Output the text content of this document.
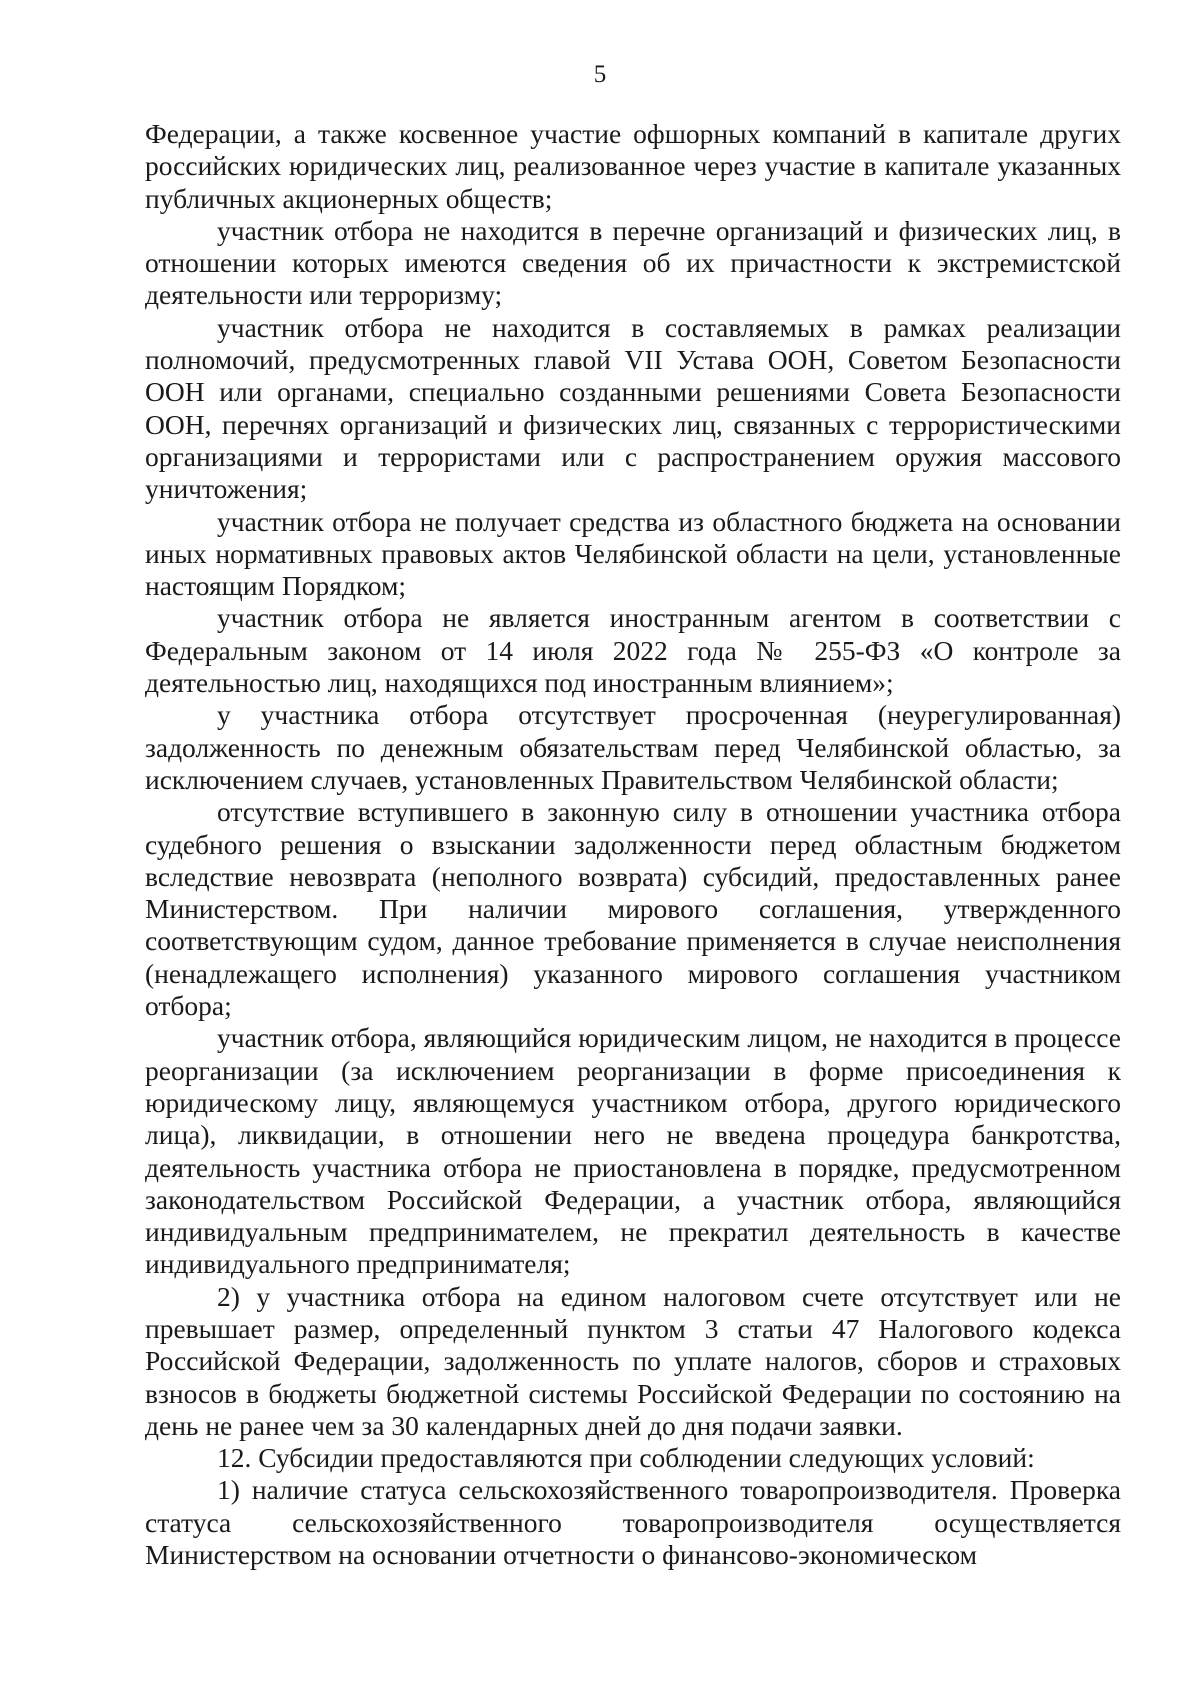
5

Федерации, а также косвенное участие офшорных компаний в капитале других российских юридических лиц, реализованное через участие в капитале указанных публичных акционерных обществ;

участник отбора не находится в перечне организаций и физических лиц, в отношении которых имеются сведения об их причастности к экстремистской деятельности или терроризму;

участник отбора не находится в составляемых в рамках реализации полномочий, предусмотренных главой VII Устава ООН, Советом Безопасности ООН или органами, специально созданными решениями Совета Безопасности ООН, перечнях организаций и физических лиц, связанных с террористическими организациями и террористами или с распространением оружия массового уничтожения;

участник отбора не получает средства из областного бюджета на основании иных нормативных правовых актов Челябинской области на цели, установленные настоящим Порядком;

участник отбора не является иностранным агентом в соответствии с Федеральным законом от 14 июля 2022 года № 255-ФЗ «О контроле за деятельностью лиц, находящихся под иностранным влиянием»;

у участника отбора отсутствует просроченная (неурегулированная) задолженность по денежным обязательствам перед Челябинской областью, за исключением случаев, установленных Правительством Челябинской области;

отсутствие вступившего в законную силу в отношении участника отбора судебного решения о взыскании задолженности перед областным бюджетом вследствие невозврата (неполного возврата) субсидий, предоставленных ранее Министерством. При наличии мирового соглашения, утвержденного соответствующим судом, данное требование применяется в случае неисполнения (ненадлежащего исполнения) указанного мирового соглашения участником отбора;

участник отбора, являющийся юридическим лицом, не находится в процессе реорганизации (за исключением реорганизации в форме присоединения к юридическому лицу, являющемуся участником отбора, другого юридического лица), ликвидации, в отношении него не введена процедура банкротства, деятельность участника отбора не приостановлена в порядке, предусмотренном законодательством Российской Федерации, а участник отбора, являющийся индивидуальным предпринимателем, не прекратил деятельность в качестве индивидуального предпринимателя;

2) у участника отбора на едином налоговом счете отсутствует или не превышает размер, определенный пунктом 3 статьи 47 Налогового кодекса Российской Федерации, задолженность по уплате налогов, сборов и страховых взносов в бюджеты бюджетной системы Российской Федерации по состоянию на день не ранее чем за 30 календарных дней до дня подачи заявки.

12. Субсидии предоставляются при соблюдении следующих условий:

1) наличие статуса сельскохозяйственного товаропроизводителя. Проверка статуса сельскохозяйственного товаропроизводителя осуществляется Министерством на основании отчетности о финансово-экономическом
